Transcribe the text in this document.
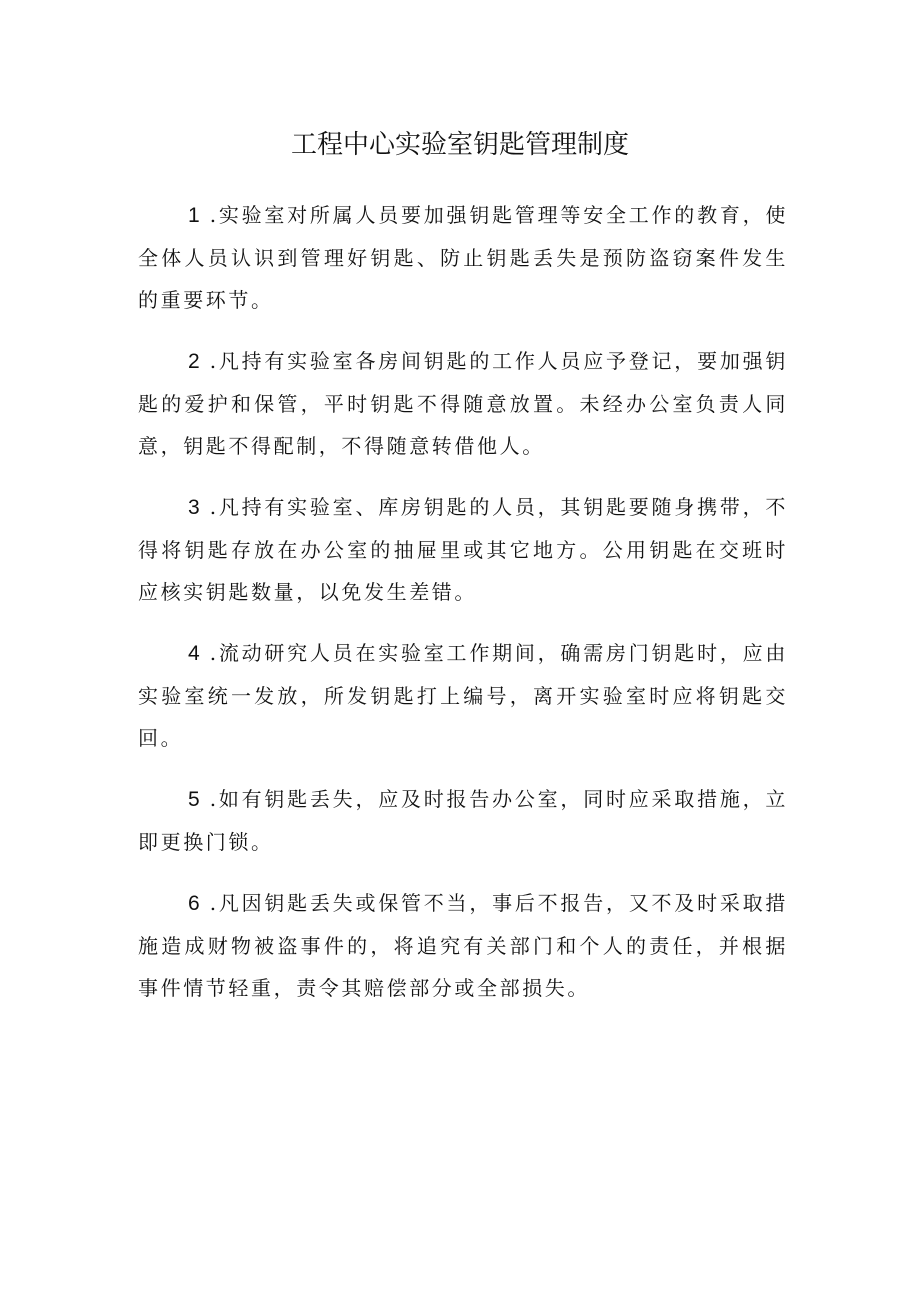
工程中心实验室钥匙管理制度

1 .实验室对所属人员要加强钥匙管理等安全工作的教育，使全体人员认识到管理好钥匙、防止钥匙丢失是预防盗窃案件发生的重要环节。

2 .凡持有实验室各房间钥匙的工作人员应予登记，要加强钥匙的爱护和保管，平时钥匙不得随意放置。未经办公室负责人同意，钥匙不得配制，不得随意转借他人。

3 .凡持有实验室、库房钥匙的人员，其钥匙要随身携带，不得将钥匙存放在办公室的抽屉里或其它地方。公用钥匙在交班时应核实钥匙数量，以免发生差错。

4 .流动研究人员在实验室工作期间，确需房门钥匙时，应由实验室统一发放，所发钥匙打上编号，离开实验室时应将钥匙交回。

5 .如有钥匙丢失，应及时报告办公室，同时应采取措施，立即更换门锁。

6 .凡因钥匙丢失或保管不当，事后不报告，又不及时采取措施造成财物被盗事件的，将追究有关部门和个人的责任，并根据事件情节轻重，责令其赔偿部分或全部损失。
